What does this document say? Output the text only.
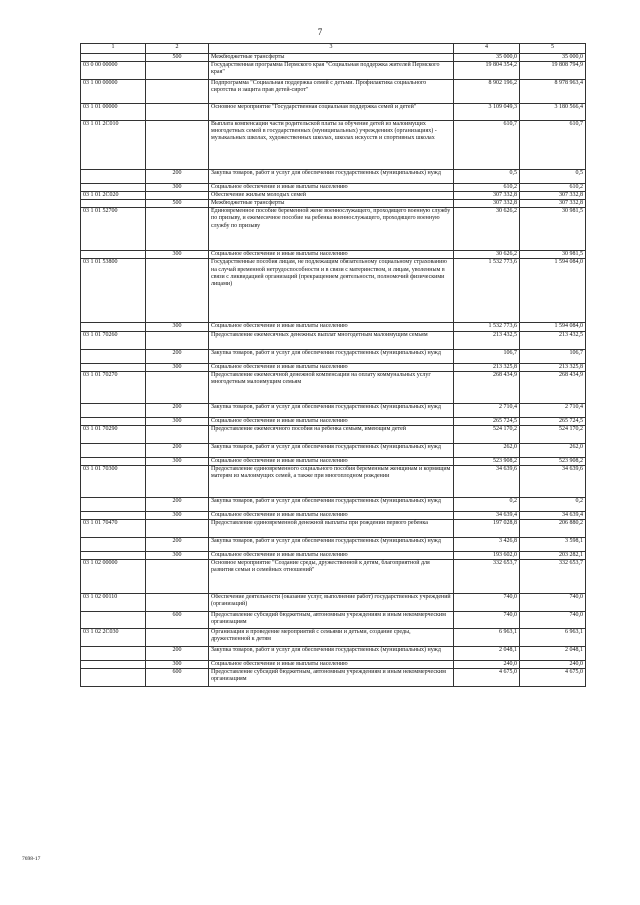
7
1	2	3	4	5
	500	Межбюджетные трансферты	35 000,0	35 000,0
03 0 00 00000		Государственная программа Пермского края "Социальная поддержка жителей Пермского края"	19 804 354,2	19 808 794,9
03 1 00 00000		Подпрограмма "Социальная поддержка семей с детьми. Профилактика социального сиротства и защита прав детей-сирот"	8 902 196,2	8 978 963,4
03 1 01 00000		Основное мероприятие "Государственная социальная поддержка семей и детей"	3 109 049,3	3 180 566,4
03 1 01 2С010		Выплата компенсации части родительской платы за обучение детей из малоимущих многодетных семей в государственных (муниципальных) учреждениях (организациях) - музыкальных школах, художественных школах, школах искусств и спортивных школах	610,7	610,7
	200	Закупка товаров, работ и услуг для обеспечения государственных (муниципальных) нужд	0,5	0,5
	300	Социальное обеспечение и иные выплаты населению	610,2	610,2
03 1 01 2С020		Обеспечение жильем молодых семей	307 332,8	307 332,8
	500	Межбюджетные трансферты	307 332,8	307 332,8
03 1 01 52700		Единовременное пособие беременной жене военнослужащего, проходящего военную службу по призыву, и ежемесячное пособие на ребенка военнослужащего, проходящего военную службу по призыву	30 626,2	30 981,5
	300	Социальное обеспечение и иные выплаты населению	30 626,2	30 981,5
03 1 01 53800		Государственные пособия лицам, не подлежащим обязательному социальному страхованию на случай временной нетрудоспособности и в связи с материнством, и лицам, уволенным в связи с ликвидацией организаций (прекращением деятельности, полномочий физическими лицами)	1 532 773,6	1 594 084,0
	300	Социальное обеспечение и иные выплаты населению	1 532 773,6	1 594 084,0
03 1 01 70260		Предоставление ежемесячных денежных выплат многодетным малоимущим семьям	213 432,5	213 432,5
	200	Закупка товаров, работ и услуг для обеспечения государственных (муниципальных) нужд	106,7	106,7
	300	Социальное обеспечение и иные выплаты населению	213 325,8	213 325,8
03 1 01 70270		Предоставление ежемесячной денежной компенсации на оплату коммунальных услуг многодетным малоимущим семьям	268 434,9	268 434,9
	200	Закупка товаров, работ и услуг для обеспечения государственных (муниципальных) нужд	2 710,4	2 710,4
	300	Социальное обеспечение и иные выплаты населению	265 724,5	265 724,5
03 1 01 70290		Предоставление ежемесячного пособия на ребенка семьям, имеющим детей	524 170,2	524 170,2
	200	Закупка товаров, работ и услуг для обеспечения государственных (муниципальных) нужд	262,0	262,0
	300	Социальное обеспечение и иные выплаты населению	523 908,2	523 908,2
03 1 01 70300		Предоставление единовременного социального пособия беременным женщинам и кормящим матерям из малоимущих семей, а также при многоплодном рождении	34 639,6	34 639,6
	200	Закупка товаров, работ и услуг для обеспечения государственных (муниципальных) нужд	0,2	0,2
	300	Социальное обеспечение и иные выплаты населению	34 639,4	34 639,4
03 1 01 70470		Предоставление единовременной денежной выплаты при рождении первого ребенка	197 028,8	206 880,2
	200	Закупка товаров, работ и услуг для обеспечения государственных (муниципальных) нужд	3 426,8	3 598,1
	300	Социальное обеспечение и иные выплаты населению	193 602,0	203 282,1
03 1 02 00000		Основное мероприятие "Создание среды, дружественной к детям, благоприятной для развития семьи и семейных отношений"	332 653,7	332 653,7
03 1 02 00110		Обеспечение деятельности (оказание услуг, выполнение работ) государственных учреждений (организаций)	740,0	740,0
	600	Предоставление субсидий бюджетным, автономным учреждениям и иным некоммерческим организациям	740,0	740,0
03 1 02 2С030		Организация и проведение мероприятий с семьями и детьми, создание среды, дружественной к детям	6 963,1	6 963,1
	200	Закупка товаров, работ и услуг для обеспечения государственных (муниципальных) нужд	2 048,1	2 048,1
	300	Социальное обеспечение и иные выплаты населению	240,0	240,0
	600	Предоставление субсидий бюджетным, автономным учреждениям и иным некоммерческим организациям	4 675,0	4 675,0
7698-17
